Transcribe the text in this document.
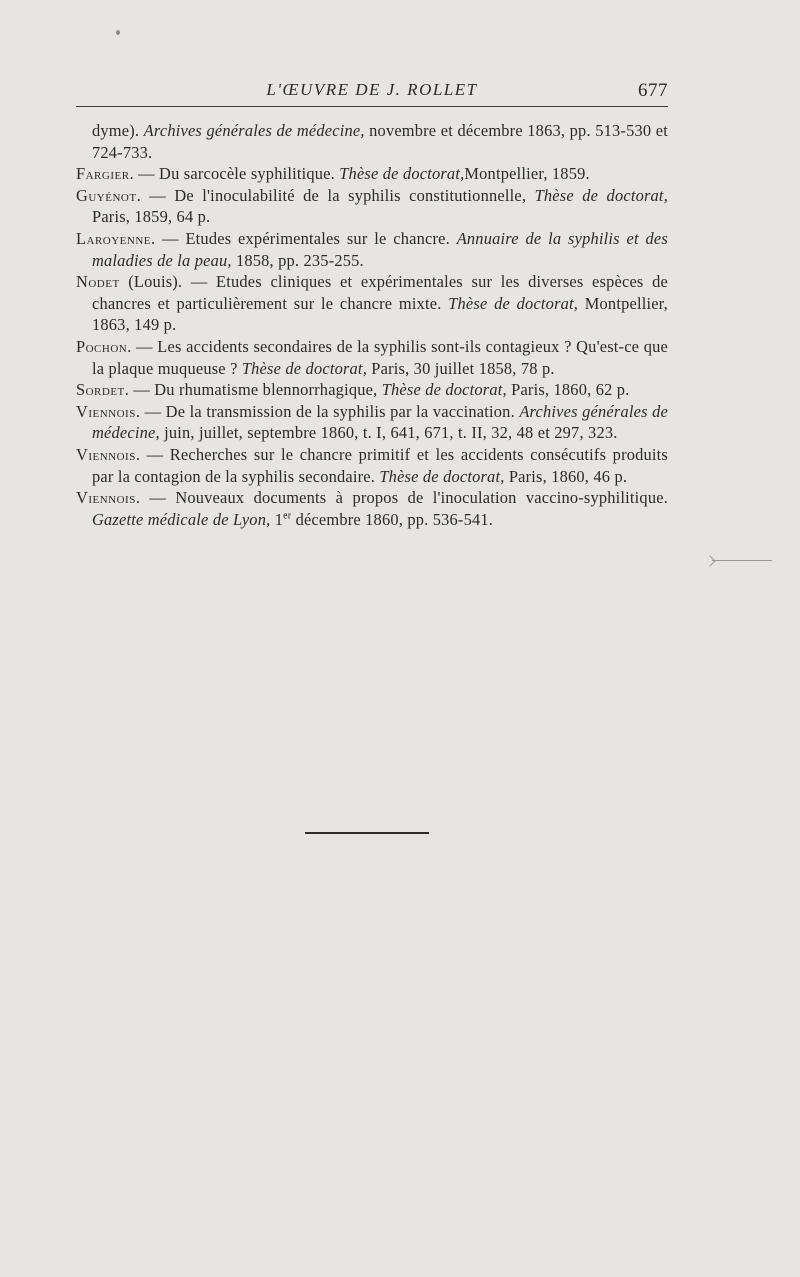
L'ŒUVRE DE J. ROLLET	677

dyme). Archives générales de médecine, novembre et décembre 1863, pp. 513-530 et 724-733.

Fargier. — Du sarcocèle syphilitique. Thèse de doctorat,Montpellier, 1859.

Guyénot. — De l'inoculabilité de la syphilis constitutionnelle, Thèse de doctorat, Paris, 1859, 64 p.

Laroyenne. — Etudes expérimentales sur le chancre. Annuaire de la syphilis et des maladies de la peau, 1858, pp. 235-255.

Nodet (Louis). — Etudes cliniques et expérimentales sur les diverses espèces de chancres et particulièrement sur le chancre mixte. Thèse de doctorat, Montpellier, 1863, 149 p.

Pochon. — Les accidents secondaires de la syphilis sont-ils contagieux ? Qu'est-ce que la plaque muqueuse ? Thèse de doctorat, Paris, 30 juillet 1858, 78 p.

Sordet. — Du rhumatisme blennorrhagique, Thèse de doctorat, Paris, 1860, 62 p.

Viennois. — De la transmission de la syphilis par la vaccination. Archives générales de médecine, juin, juillet, septembre 1860, t. I, 641, 671, t. II, 32, 48 et 297, 323.

Viennois. — Recherches sur le chancre primitif et les accidents consécutifs produits par la contagion de la syphilis secondaire. Thèse de doctorat, Paris, 1860, 46 p.

Viennois. — Nouveaux documents à propos de l'inoculation vaccino-syphilitique. Gazette médicale de Lyon, 1er décembre 1860, pp. 536-541.
